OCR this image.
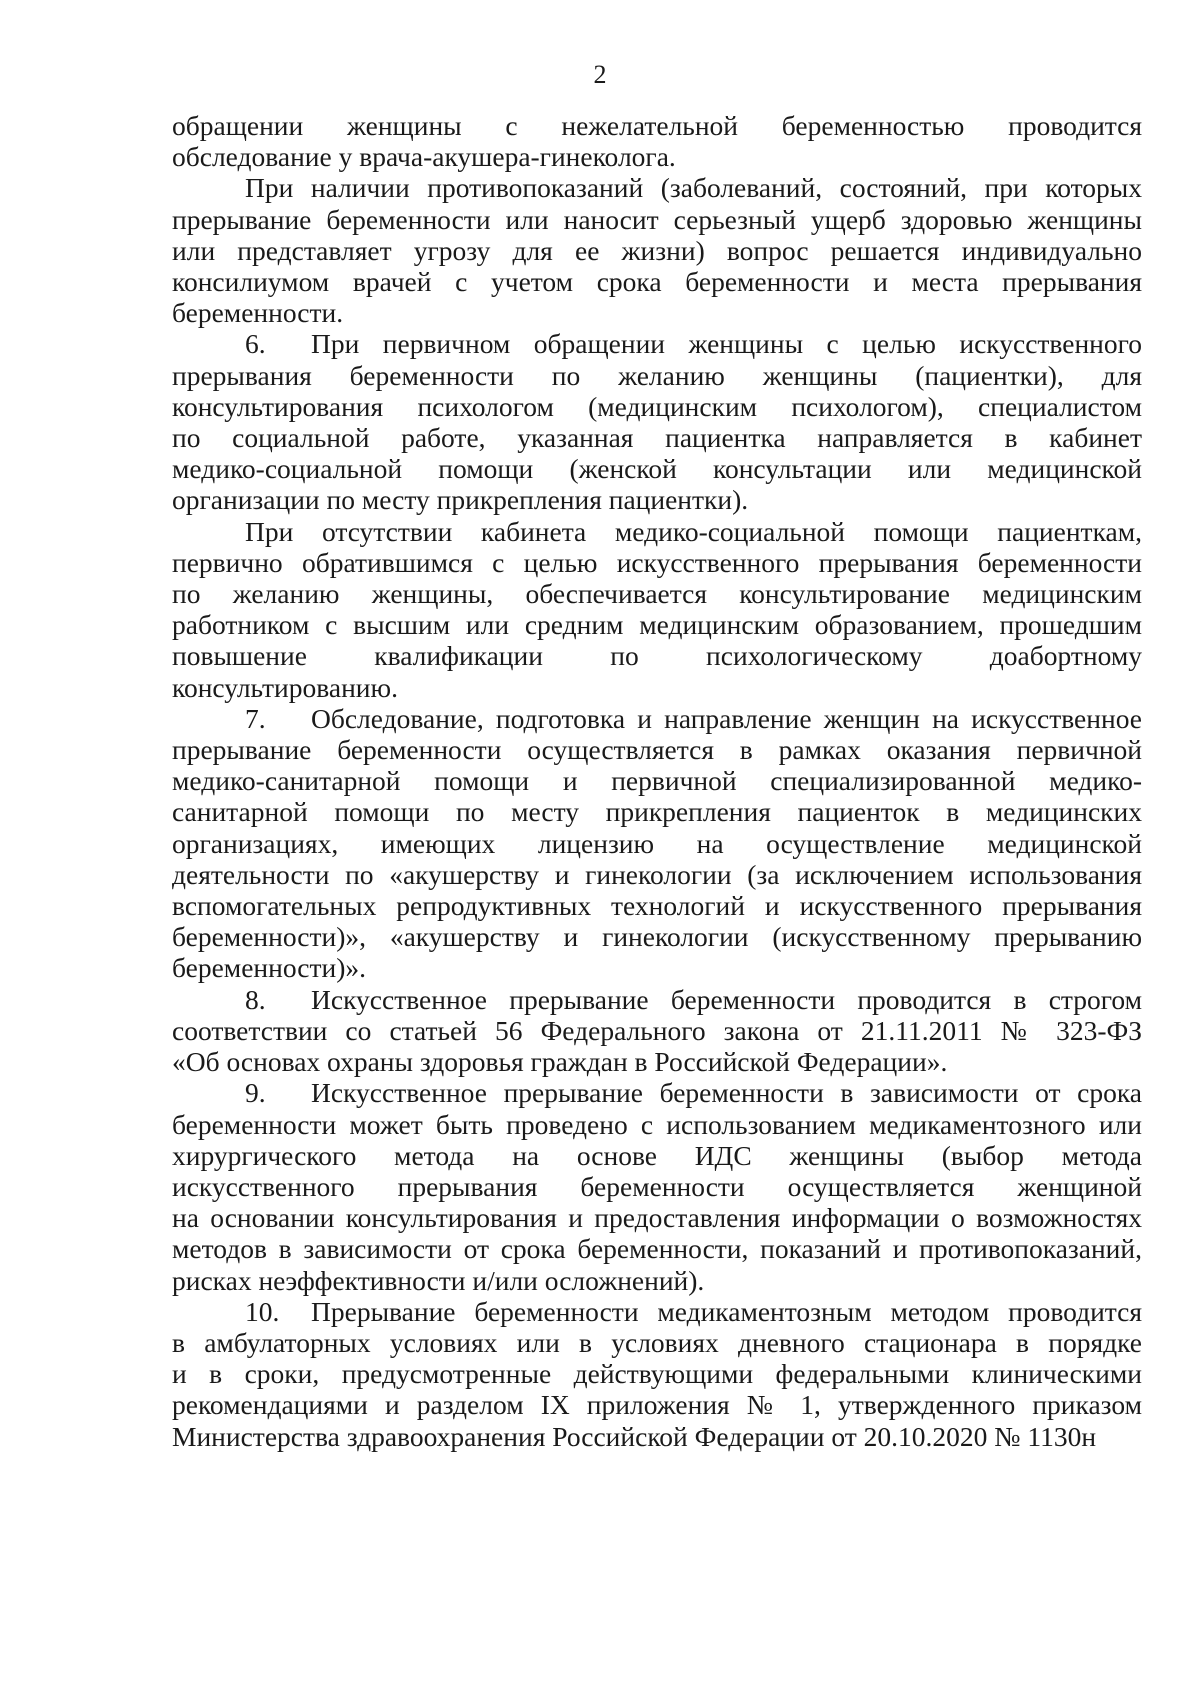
2
обращении женщины с нежелательной беременностью проводится
обследование у врача-акушера-гинеколога.
При наличии противопоказаний (заболеваний, состояний, при которых
прерывание беременности или наносит серьезный ущерб здоровью женщины
или представляет угрозу для ее жизни) вопрос решается индивидуально
консилиумом врачей с учетом срока беременности и места прерывания
беременности.
6. При первичном обращении женщины с целью искусственного
прерывания беременности по желанию женщины (пациентки), для
консультирования психологом (медицинским психологом), специалистом
по социальной работе, указанная пациентка направляется в кабинет
медико-социальной помощи (женской консультации или медицинской
организации по месту прикрепления пациентки).
При отсутствии кабинета медико-социальной помощи пациенткам,
первично обратившимся с целью искусственного прерывания беременности
по желанию женщины, обеспечивается консультирование медицинским
работником с высшим или средним медицинским образованием, прошедшим
повышение квалификации по психологическому доабортному
консультированию.
7. Обследование, подготовка и направление женщин на искусственное
прерывание беременности осуществляется в рамках оказания первичной
медико-санитарной помощи и первичной специализированной медико-
санитарной помощи по месту прикрепления пациенток в медицинских
организациях, имеющих лицензию на осуществление медицинской
деятельности по «акушерству и гинекологии (за исключением использования
вспомогательных репродуктивных технологий и искусственного прерывания
беременности)», «акушерству и гинекологии (искусственному прерыванию
беременности)».
8. Искусственное прерывание беременности проводится в строгом
соответствии со статьей 56 Федерального закона от 21.11.2011 № 323-ФЗ
«Об основах охраны здоровья граждан в Российской Федерации».
9. Искусственное прерывание беременности в зависимости от срока
беременности может быть проведено с использованием медикаментозного или
хирургического метода на основе ИДС женщины (выбор метода
искусственного прерывания беременности осуществляется женщиной
на основании консультирования и предоставления информации о возможностях
методов в зависимости от срока беременности, показаний и противопоказаний,
рисках неэффективности и/или осложнений).
10. Прерывание беременности медикаментозным методом проводится
в амбулаторных условиях или в условиях дневного стационара в порядке
и в сроки, предусмотренные действующими федеральными клиническими
рекомендациями и разделом IX приложения № 1, утвержденного приказом
Министерства здравоохранения Российской Федерации от 20.10.2020 № 1130н
